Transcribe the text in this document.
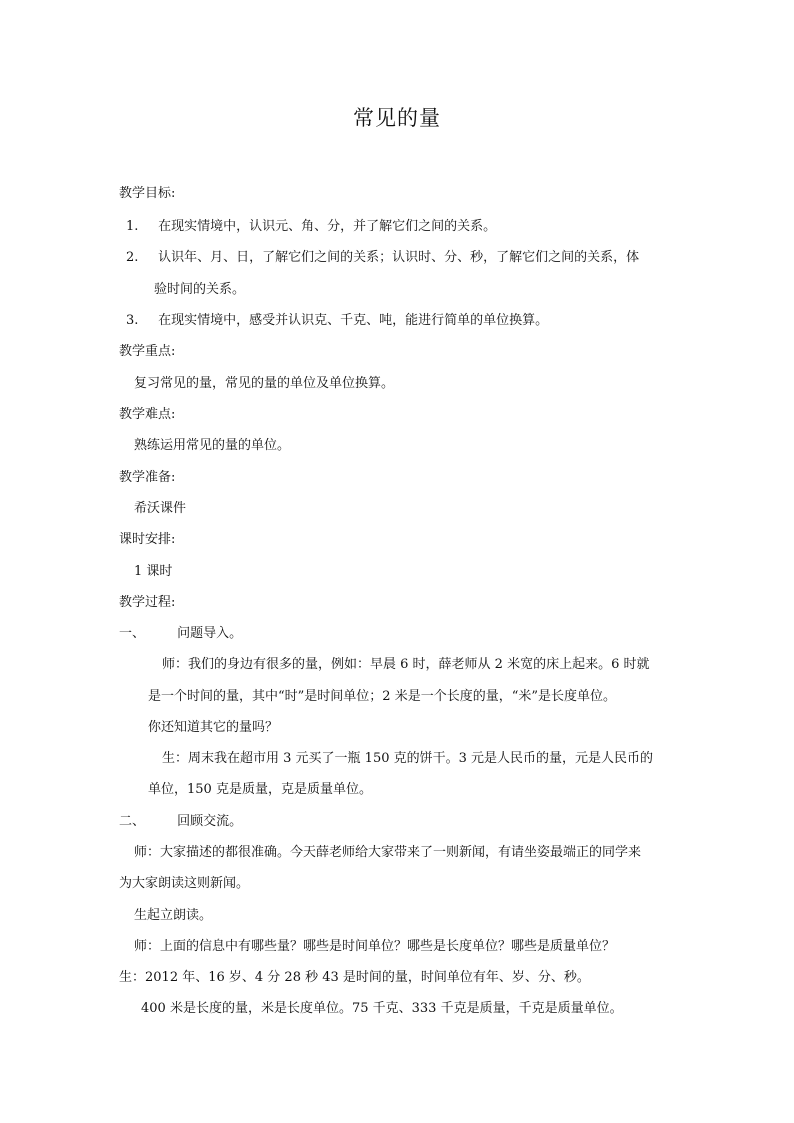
常见的量
教学目标:
1. 在现实情境中，认识元、角、分，并了解它们之间的关系。
2. 认识年、月、日，了解它们之间的关系；认识时、分、秒，了解它们之间的关系，体
验时间的关系。
3. 在现实情境中，感受并认识克、千克、吨，能进行简单的单位换算。
教学重点:
复习常见的量，常见的量的单位及单位换算。
教学难点:
熟练运用常见的量的单位。
教学准备:
希沃课件
课时安排:
1 课时
教学过程:
一、 问题导入。
师：我们的身边有很多的量，例如：早晨 6 时，薛老师从 2 米宽的床上起来。6 时就
是一个时间的量，其中“时”是时间单位；2 米是一个长度的量，“米”是长度单位。
你还知道其它的量吗？
生：周末我在超市用 3 元买了一瓶 150 克的饼干。3 元是人民币的量，元是人民币的
单位，150 克是质量，克是质量单位。
二、 回顾交流。
师：大家描述的都很准确。今天薛老师给大家带来了一则新闻，有请坐姿最端正的同学来
为大家朗读这则新闻。
生起立朗读。
师：上面的信息中有哪些量？哪些是时间单位？哪些是长度单位？哪些是质量单位？
生：2012 年、16 岁、4 分 28 秒 43 是时间的量，时间单位有年、岁、分、秒。
400 米是长度的量，米是长度单位。75 千克、333 千克是质量，千克是质量单位。
